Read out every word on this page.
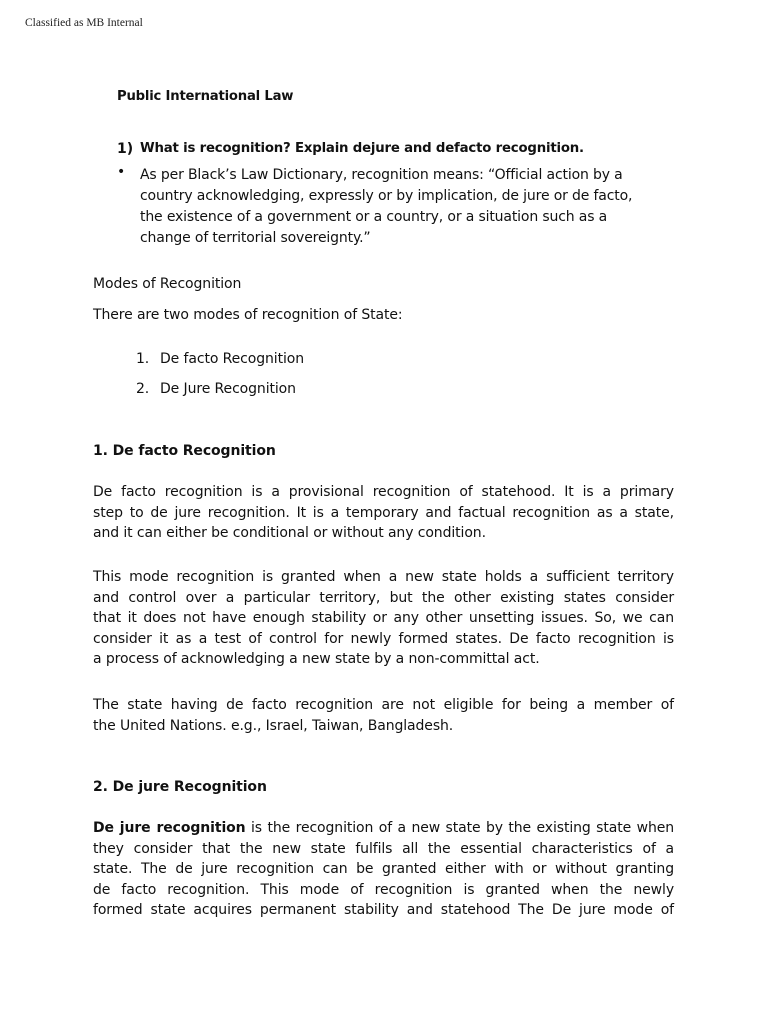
Classified as MB Internal
Public International Law
1) What is recognition? Explain dejure and defacto recognition.
• As per Black’s Law Dictionary, recognition means: “Official action by a
country acknowledging, expressly or by implication, de jure or de facto,
the existence of a government or a country, or a situation such as a
change of territorial sovereignty.”
Modes of Recognition
There are two modes of recognition of State:
1. De facto Recognition
2. De Jure Recognition
1. De facto Recognition
De facto recognition is a provisional recognition of statehood. It is a primary
step to de jure recognition. It is a temporary and factual recognition as a state,
and it can either be conditional or without any condition.
This mode recognition is granted when a new state holds a sufficient territory
and control over a particular territory, but the other existing states consider
that it does not have enough stability or any other unsetting issues. So, we can
consider it as a test of control for newly formed states. De facto recognition is
a process of acknowledging a new state by a non-committal act.
The state having de facto recognition are not eligible for being a member of
the United Nations. e.g., Israel, Taiwan, Bangladesh.
2. De jure Recognition
De jure recognition is the recognition of a new state by the existing state when
they consider that the new state fulfils all the essential characteristics of a
state. The de jure recognition can be granted either with or without granting
de facto recognition. This mode of recognition is granted when the newly
formed state acquires permanent stability and statehood The De jure mode of
